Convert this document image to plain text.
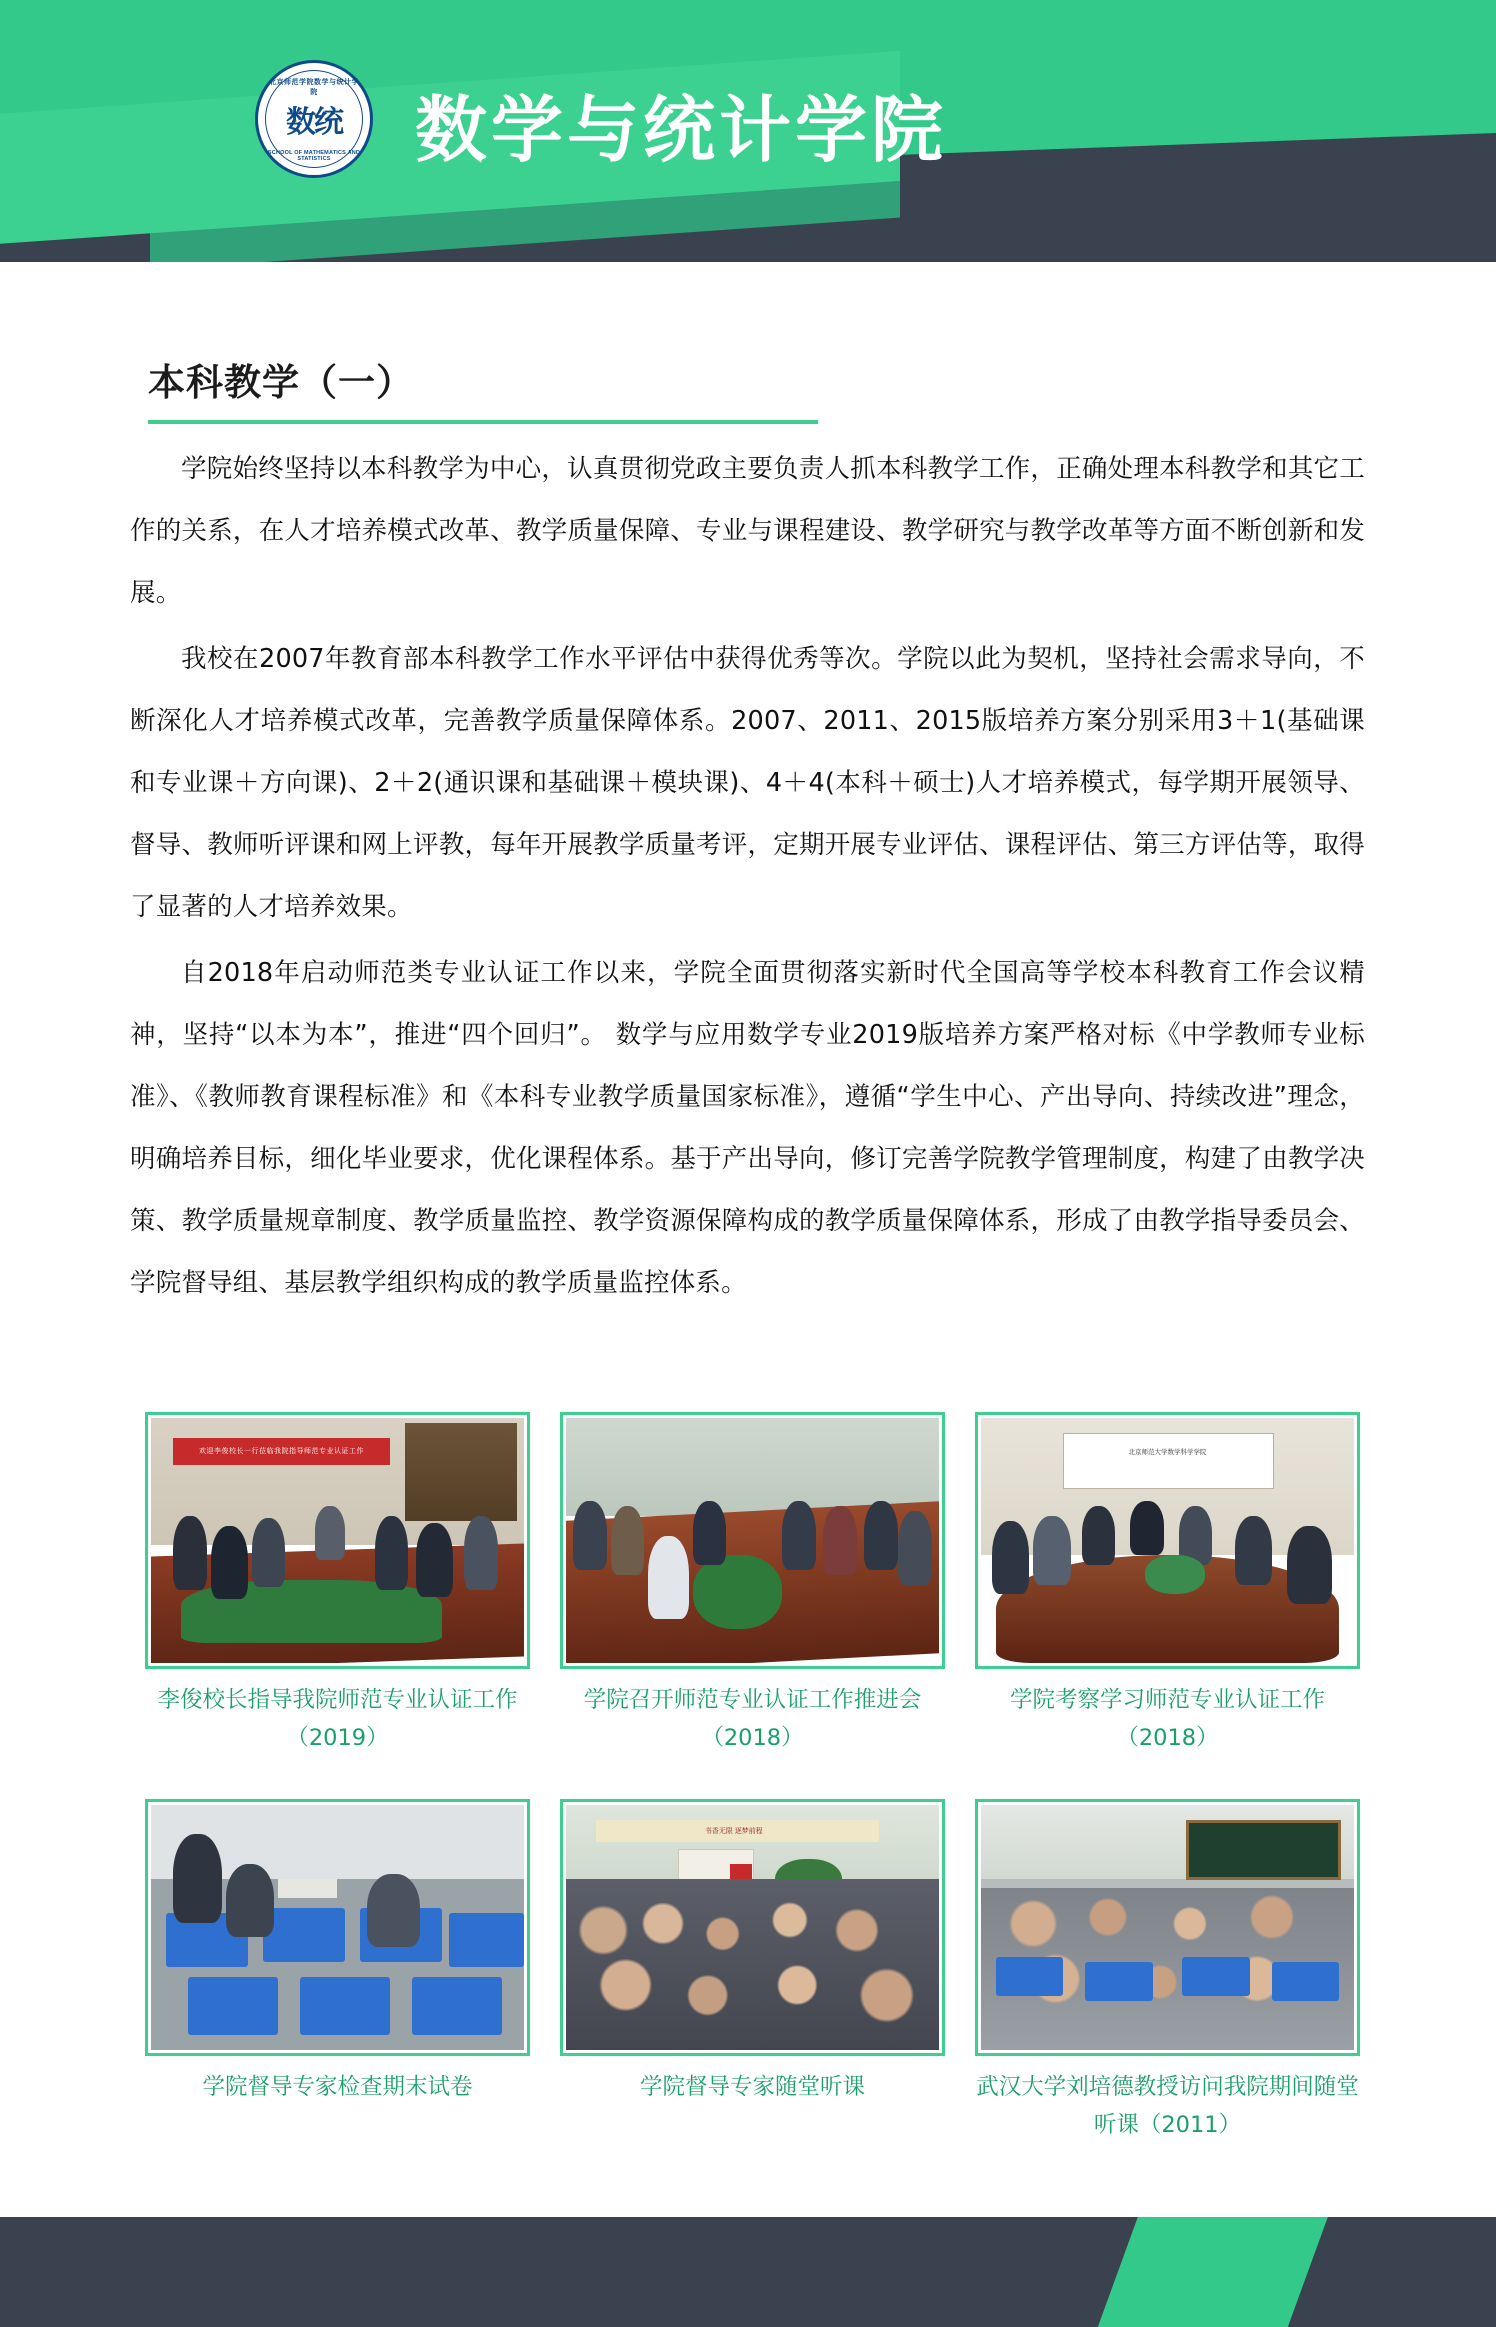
北京师范学院数学与统计学院
数统
SCHOOL OF MATHEMATICS AND STATISTICS	数学与统计学院
本科教学（一）

学院始终坚持以本科教学为中心，认真贯彻党政主要负责人抓本科教学工作，正确处理本科教学和其它工作的关系，在人才培养模式改革、教学质量保障、专业与课程建设、教学研究与教学改革等方面不断创新和发展。

我校在2007年教育部本科教学工作水平评估中获得优秀等次。学院以此为契机，坚持社会需求导向，不断深化人才培养模式改革，完善教学质量保障体系。2007、2011、2015版培养方案分别采用3＋1(基础课和专业课＋方向课)、2＋2(通识课和基础课＋模块课)、4＋4(本科＋硕士)人才培养模式，每学期开展领导、督导、教师听评课和网上评教，每年开展教学质量考评，定期开展专业评估、课程评估、第三方评估等，取得了显著的人才培养效果。

自2018年启动师范类专业认证工作以来，学院全面贯彻落实新时代全国高等学校本科教育工作会议精神，坚持“以本为本”，推进“四个回归”。 数学与应用数学专业2019版培养方案严格对标《中学教师专业标准》、《教师教育课程标准》和《本科专业教学质量国家标准》，遵循“学生中心、产出导向、持续改进”理念，明确培养目标，细化毕业要求，优化课程体系。基于产出导向，修订完善学院教学管理制度，构建了由教学决策、教学质量规章制度、教学质量监控、教学资源保障构成的教学质量保障体系，形成了由教学指导委员会、学院督导组、基层教学组织构成的教学质量监控体系。

欢迎李俊校长一行莅临我院指导师范专业认证工作
李俊校长指导我院师范专业认证工作（2019）
学院召开师范专业认证工作推进会（2018）
北京师范大学数学科学学院
学院考察学习师范专业认证工作（2018）
学院督导专家检查期末试卷
书香无限 逐梦前程
学院督导专家随堂听课	武汉大学刘培德教授访问我院期间随堂听课（2011）
